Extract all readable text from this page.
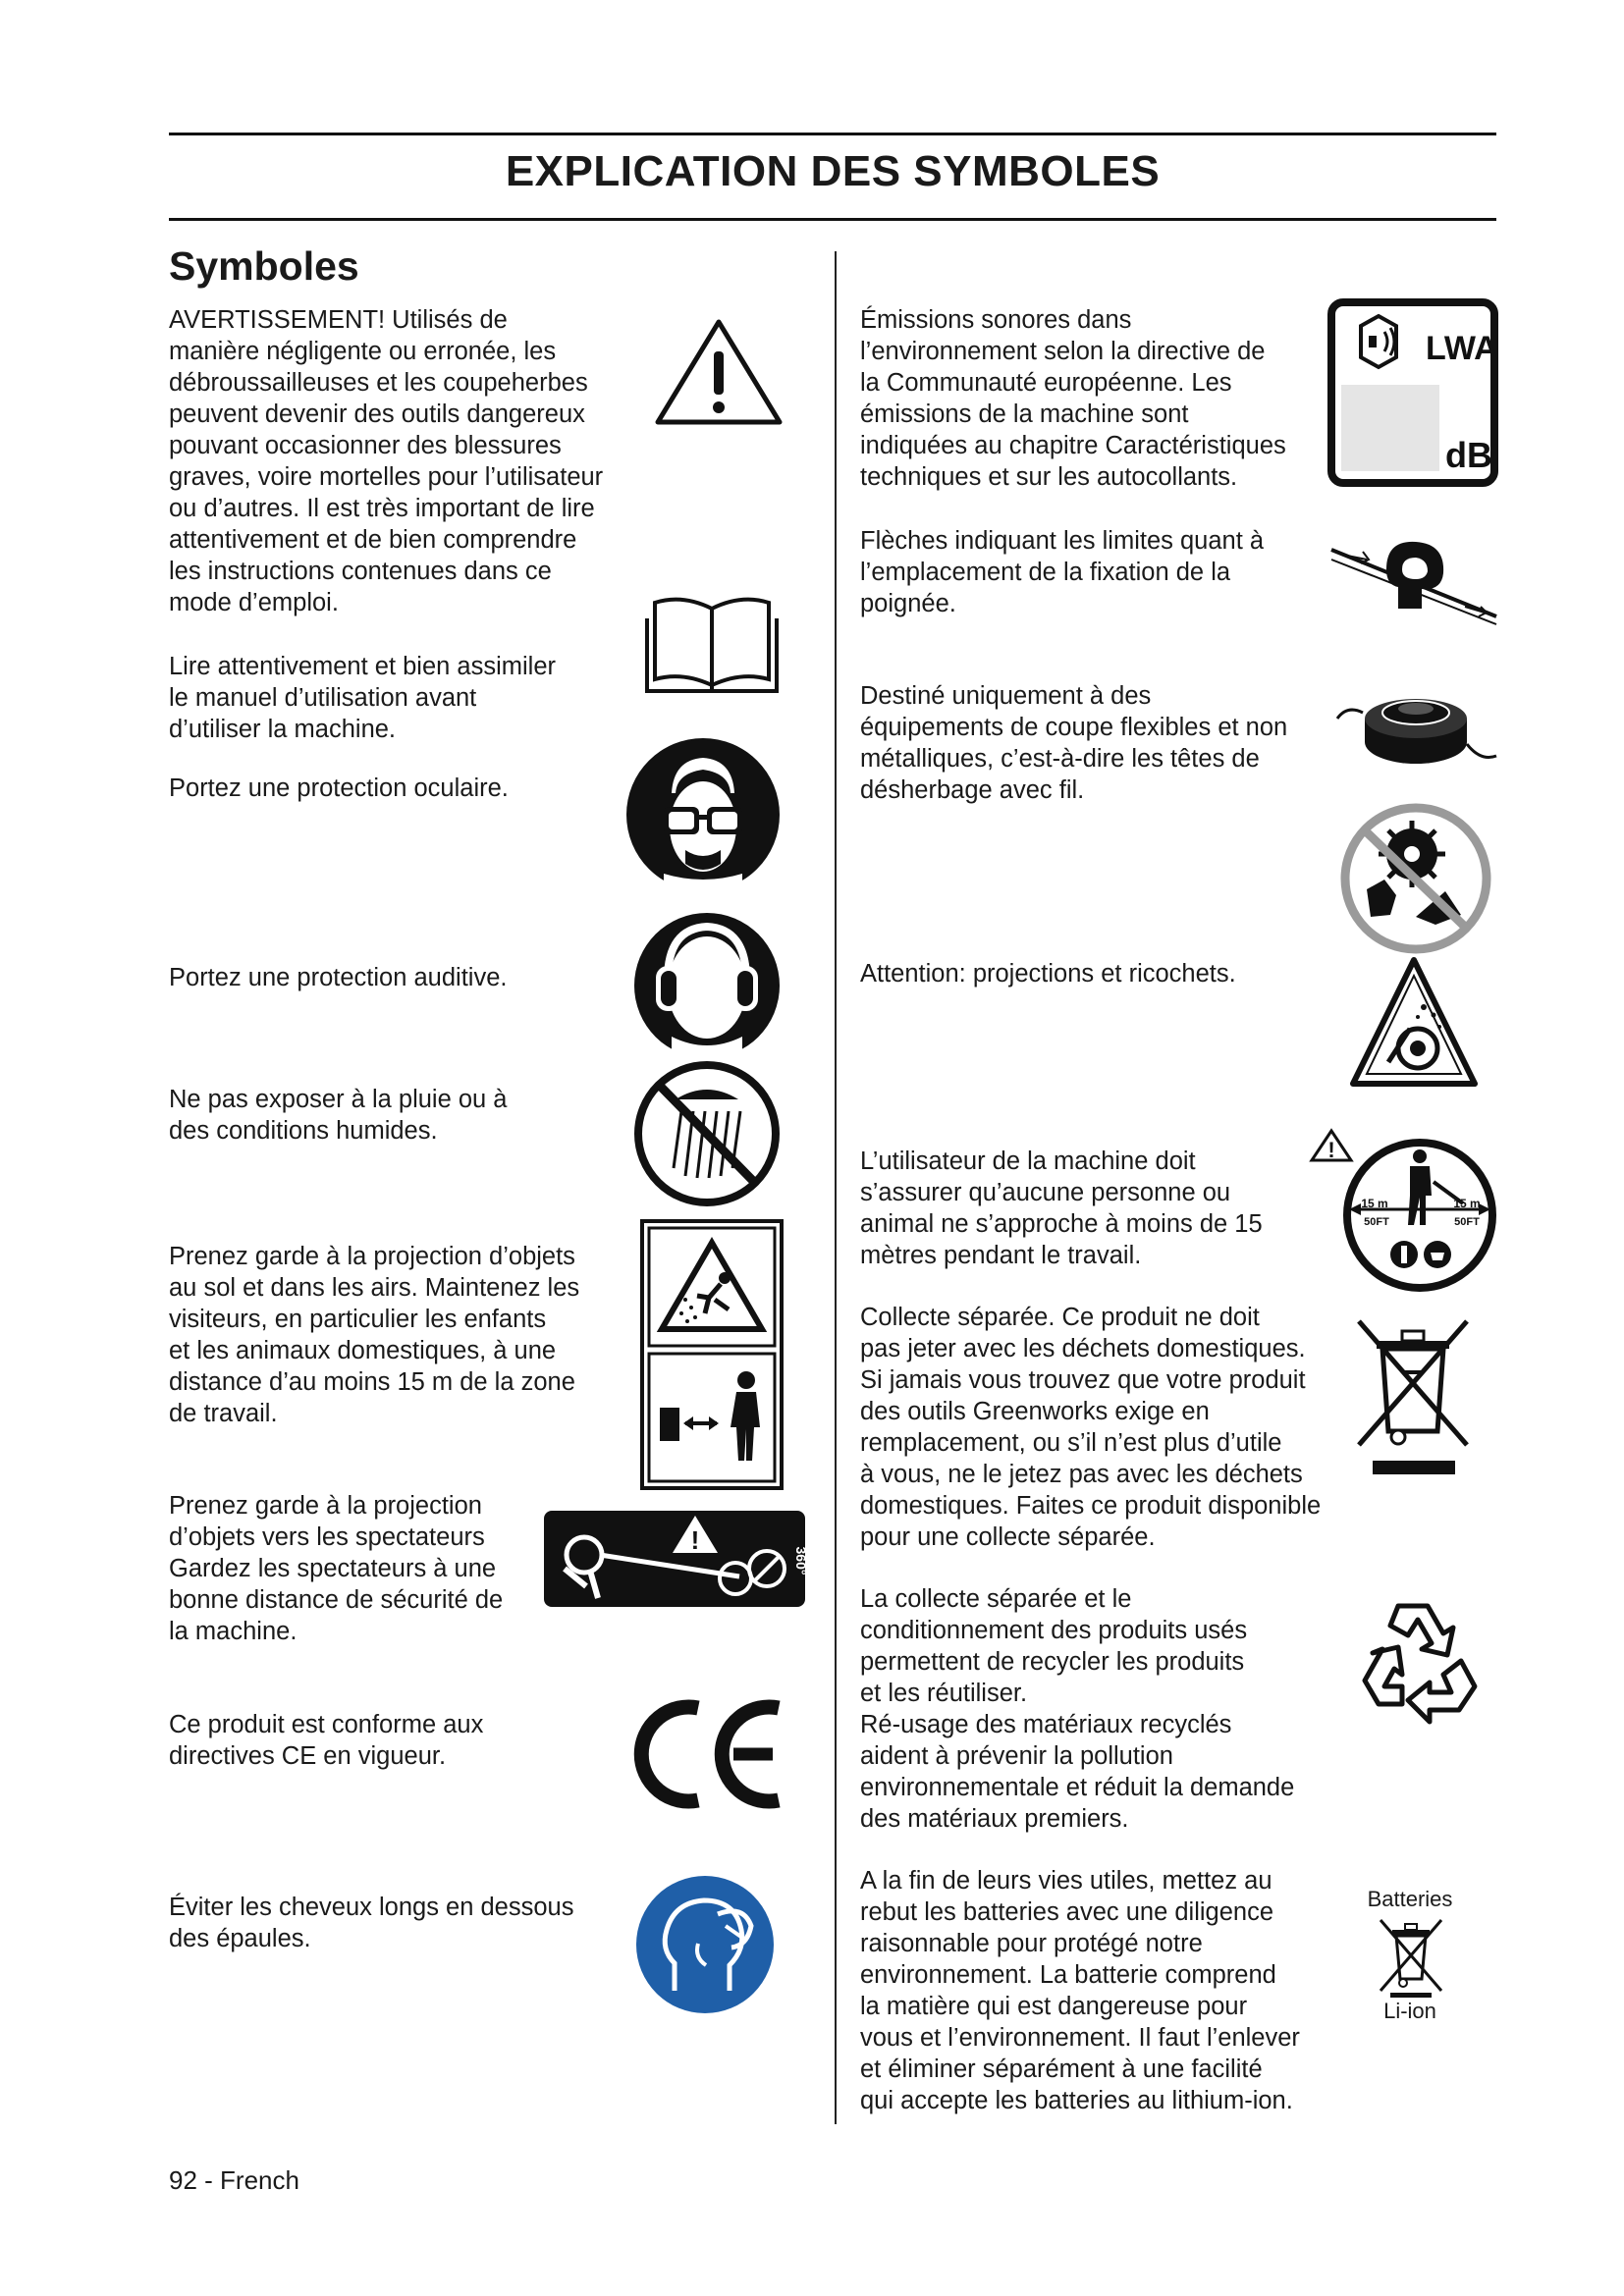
EXPLICATION DES SYMBOLES
Symboles
AVERTISSEMENT! Utilisés de
manière négligente ou erronée, les
débroussailleuses et les coupeherbes
peuvent devenir des outils dangereux
pouvant occasionner des blessures
graves, voire mortelles pour l’utilisateur
ou d’autres. Il est très important de lire
attentivement et de bien comprendre
les instructions contenues dans ce
mode d’emploi.
Lire attentivement et bien assimiler
le manuel d’utilisation avant
d’utiliser la machine.
Portez une protection oculaire.
Portez une protection auditive.
Ne pas exposer à la pluie ou à
des conditions humides.
Prenez garde à la projection d’objets
au sol et dans les airs. Maintenez les
visiteurs, en particulier les enfants
et les animaux domestiques, à une
distance d’au moins 15 m de la zone
de travail.
Prenez garde à la projection
d’objets vers les spectateurs
Gardez les spectateurs à une
bonne distance de sécurité de
la machine.
Ce produit est conforme aux
directives CE en vigueur.
Éviter les cheveux longs en dessous
des épaules.
Émissions sonores dans
l’environnement selon la directive de
la Communauté européenne. Les
émissions de la machine sont
indiquées au chapitre Caractéristiques
techniques et sur les autocollants.
Flèches indiquant les limites quant à
l’emplacement de la fixation de la
poignée.
Destiné uniquement à des
équipements de coupe flexibles et non
métalliques, c’est-à-dire les têtes de
désherbage avec fil.
Attention: projections et ricochets.
L’utilisateur de la machine doit
s’assurer qu’aucune personne ou
animal ne s’approche à moins de 15
mètres pendant le travail.
Collecte séparée. Ce produit ne doit
pas jeter avec les déchets domestiques.
Si jamais vous trouvez que votre produit
des outils Greenworks exige en
remplacement, ou s’il n’est plus d’utile
à vous, ne le jetez pas avec les déchets
domestiques. Faites ce produit disponible
pour une collecte séparée.
La collecte séparée et le
conditionnement des produits usés
permettent de recycler les produits
et les réutiliser.
Ré-usage des matériaux recyclés
aident à prévenir la pollution
environnementale et réduit la demande
des matériaux premiers.
A la fin de leurs vies utiles, mettez au
rebut les batteries avec une diligence
raisonnable pour protégé notre
environnement. La batterie comprend
la matière qui est dangereuse pour
vous et l’environnement. Il faut l’enlever
et éliminer séparément à une facilité
qui accepte les batteries au lithium-ion.
!
360°
LWA
dB
!
15 m	15 m
50FT	50FT
Batteries
Li-ion
92 - French
